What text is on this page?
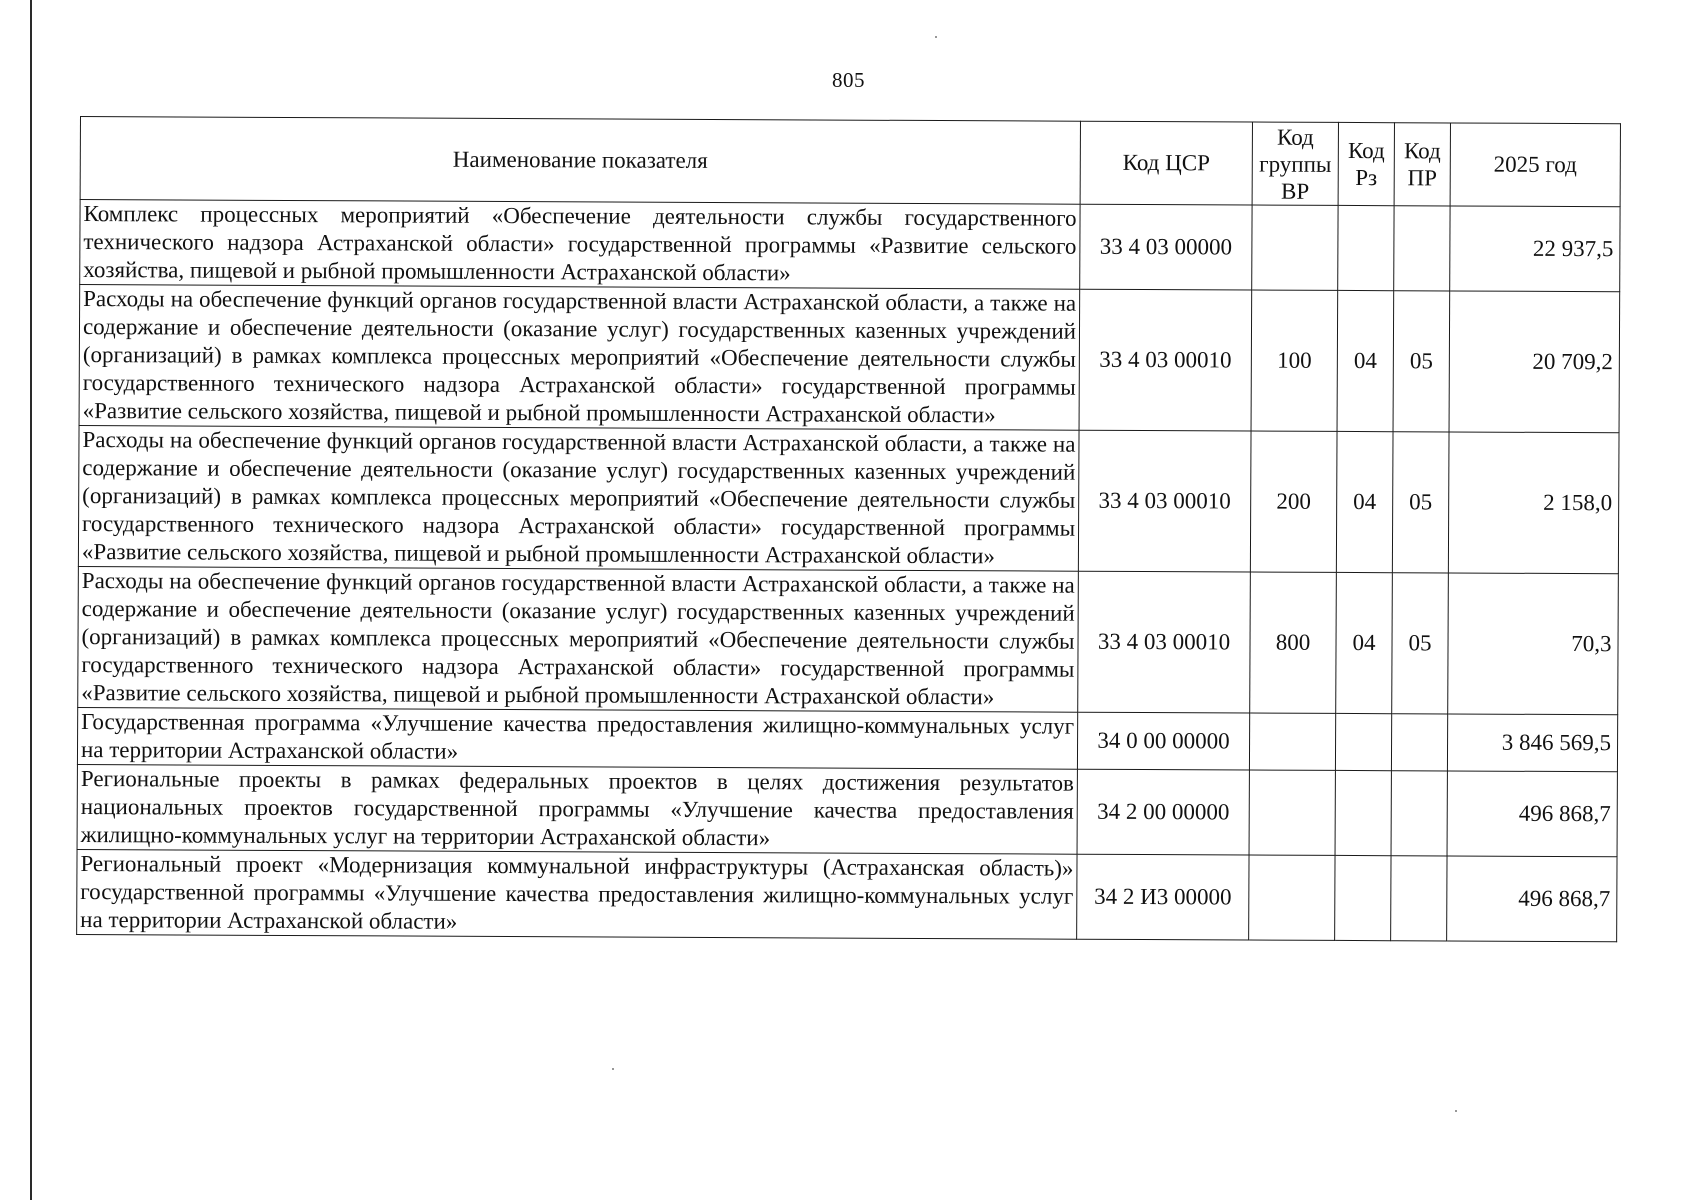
805
Наименование показателя	Код ЦСР	Код группы ВР	Код Рз	Код ПР	2025 год
Комплекс процессных мероприятий «Обеспечение деятельности службы государственного технического надзора Астраханской области» государственной программы «Развитие сельского хозяйства, пищевой и рыбной промышленности Астраханской области»	33 4 03 00000				22 937,5
Расходы на обеспечение функций органов государственной власти Астраханской области, а также на содержание и обеспечение деятельности (оказание услуг) государственных казенных учреждений (организаций) в рамках комплекса процессных мероприятий «Обеспечение деятельности службы государственного технического надзора Астраханской области» государственной программы «Развитие сельского хозяйства, пищевой и рыбной промышленности Астраханской области»	33 4 03 00010	100	04	05	20 709,2
Расходы на обеспечение функций органов государственной власти Астраханской области, а также на содержание и обеспечение деятельности (оказание услуг) государственных казенных учреждений (организаций) в рамках комплекса процессных мероприятий «Обеспечение деятельности службы государственного технического надзора Астраханской области» государственной программы «Развитие сельского хозяйства, пищевой и рыбной промышленности Астраханской области»	33 4 03 00010	200	04	05	2 158,0
Расходы на обеспечение функций органов государственной власти Астраханской области, а также на содержание и обеспечение деятельности (оказание услуг) государственных казенных учреждений (организаций) в рамках комплекса процессных мероприятий «Обеспечение деятельности службы государственного технического надзора Астраханской области» государственной программы «Развитие сельского хозяйства, пищевой и рыбной промышленности Астраханской области»	33 4 03 00010	800	04	05	70,3
Государственная программа «Улучшение качества предоставления жилищно-коммунальных услуг на территории Астраханской области»	34 0 00 00000				3 846 569,5
Региональные проекты в рамках федеральных проектов в целях достижения результатов национальных проектов государственной программы «Улучшение качества предоставления жилищно-коммунальных услуг на территории Астраханской области»	34 2 00 00000				496 868,7
Региональный проект «Модернизация коммунальной инфраструктуры (Астраханская область)» государственной программы «Улучшение качества предоставления жилищно-коммунальных услуг на территории Астраханской области»	34 2 И3 00000				496 868,7
